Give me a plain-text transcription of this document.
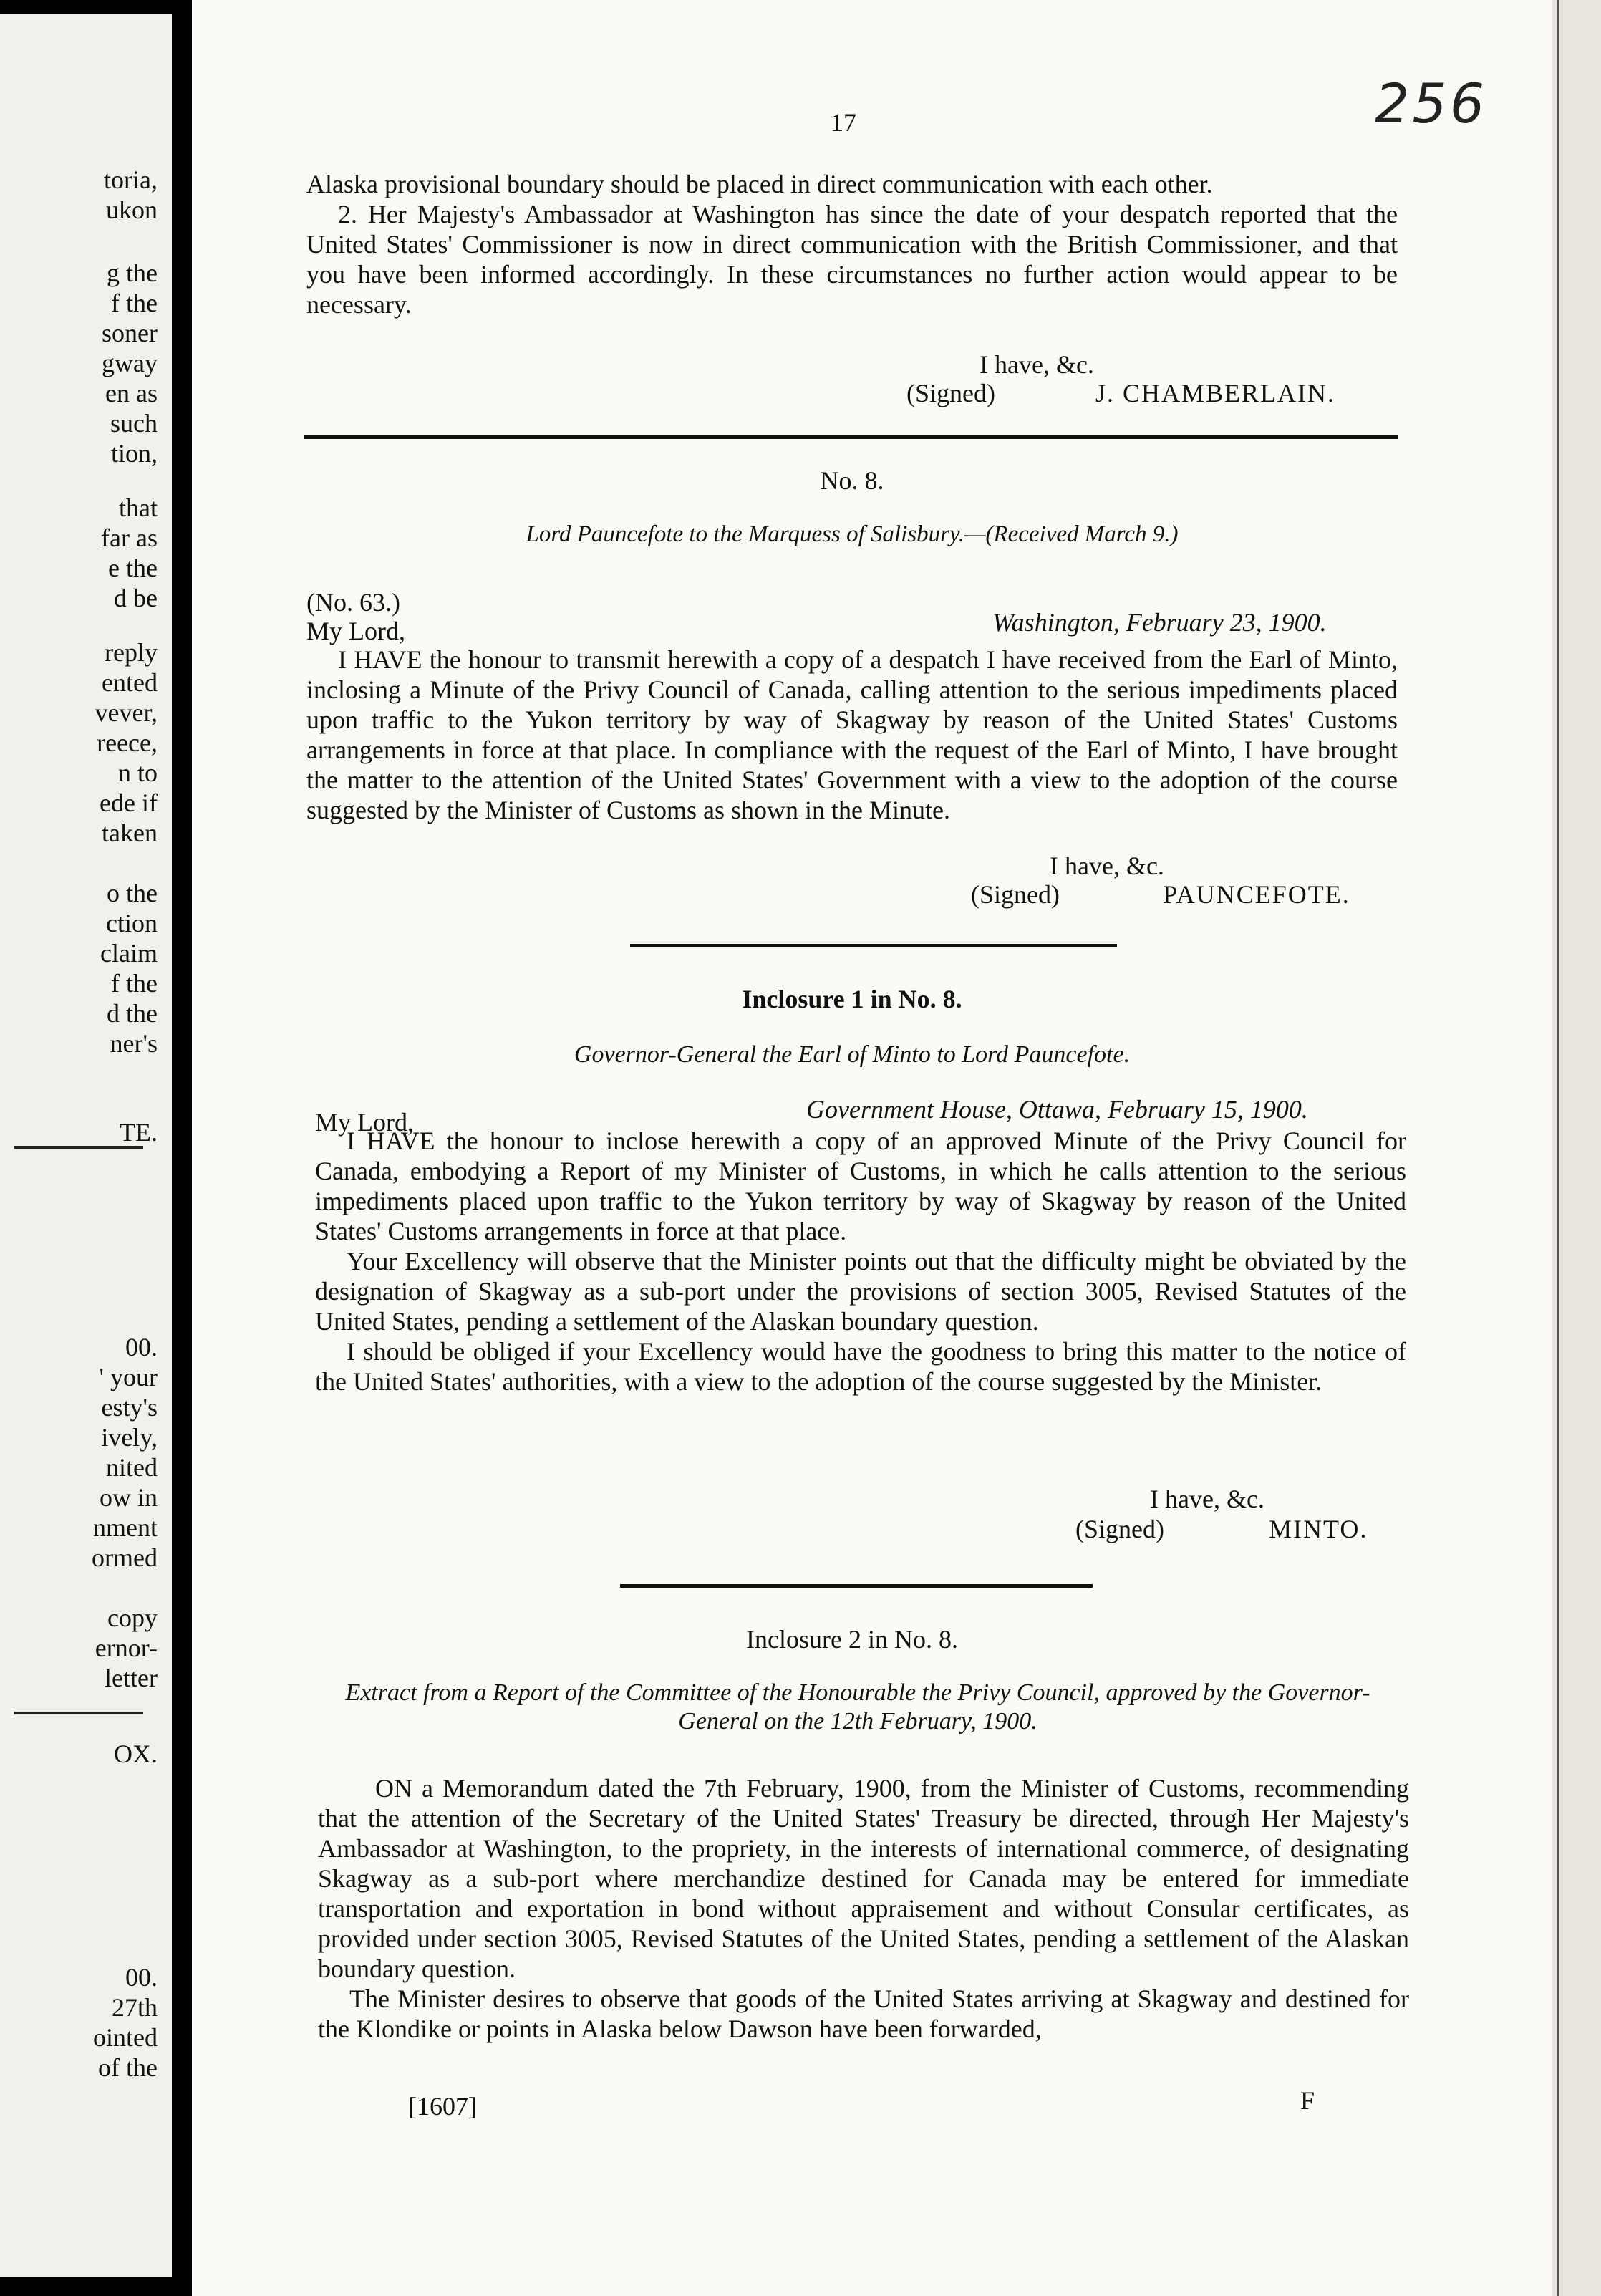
toria,
ukon
g the
f the
soner
gway
en as
such
tion,
that
far as
e the
d be
reply
ented
vever,
reece,
n to
ede if
taken
o the
ction
claim
f the
d the
ner's
TE.
00.
' your
esty's
ively,
nited
ow in
nment
ormed
copy
ernor-
letter
OX.
00.
27th
ointed
of the
17	256

Alaska provisional boundary should be placed in direct communication with each other.

2. Her Majesty's Ambassador at Washington has since the date of your despatch reported that the United States' Commissioner is now in direct communication with the British Commissioner, and that you have been informed accordingly. In these circumstances no further action would appear to be necessary.

I have, &c.
(Signed)	J. CHAMBERLAIN.
No. 8.
Lord Pauncefote to the Marquess of Salisbury.—(Received March 9.)
(No. 63.)
My Lord,	Washington, February 23, 1900.
I HAVE the honour to transmit herewith a copy of a despatch I have received from the Earl of Minto, inclosing a Minute of the Privy Council of Canada, calling attention to the serious impediments placed upon traffic to the Yukon territory by way of Skagway by reason of the United States' Customs arrangements in force at that place. In compliance with the request of the Earl of Minto, I have brought the matter to the attention of the United States' Government with a view to the adoption of the course suggested by the Minister of Customs as shown in the Minute.
I have, &c.
(Signed)	PAUNCEFOTE.
Inclosure 1 in No. 8.
Governor-General the Earl of Minto to Lord Pauncefote.
My Lord,	Government House, Ottawa, February 15, 1900.

I HAVE the honour to inclose herewith a copy of an approved Minute of the Privy Council for Canada, embodying a Report of my Minister of Customs, in which he calls attention to the serious impediments placed upon traffic to the Yukon territory by way of Skagway by reason of the United States' Customs arrangements in force at that place.

Your Excellency will observe that the Minister points out that the difficulty might be obviated by the designation of Skagway as a sub-port under the provisions of section 3005, Revised Statutes of the United States, pending a settlement of the Alaskan boundary question.

I should be obliged if your Excellency would have the goodness to bring this matter to the notice of the United States' authorities, with a view to the adoption of the course suggested by the Minister.

I have, &c.
(Signed)	MINTO.
Inclosure 2 in No. 8.
Extract from a Report of the Committee of the Honourable the Privy Council, approved by the Governor-General on the 12th February, 1900.

ON a Memorandum dated the 7th February, 1900, from the Minister of Customs, recommending that the attention of the Secretary of the United States' Treasury be directed, through Her Majesty's Ambassador at Washington, to the propriety, in the interests of international commerce, of designating Skagway as a sub-port where merchandize destined for Canada may be entered for immediate transportation and exportation in bond without appraisement and without Consular certificates, as provided under section 3005, Revised Statutes of the United States, pending a settlement of the Alaskan boundary question.

The Minister desires to observe that goods of the United States arriving at Skagway and destined for the Klondike or points in Alaska below Dawson have been forwarded,

[1607]	F
